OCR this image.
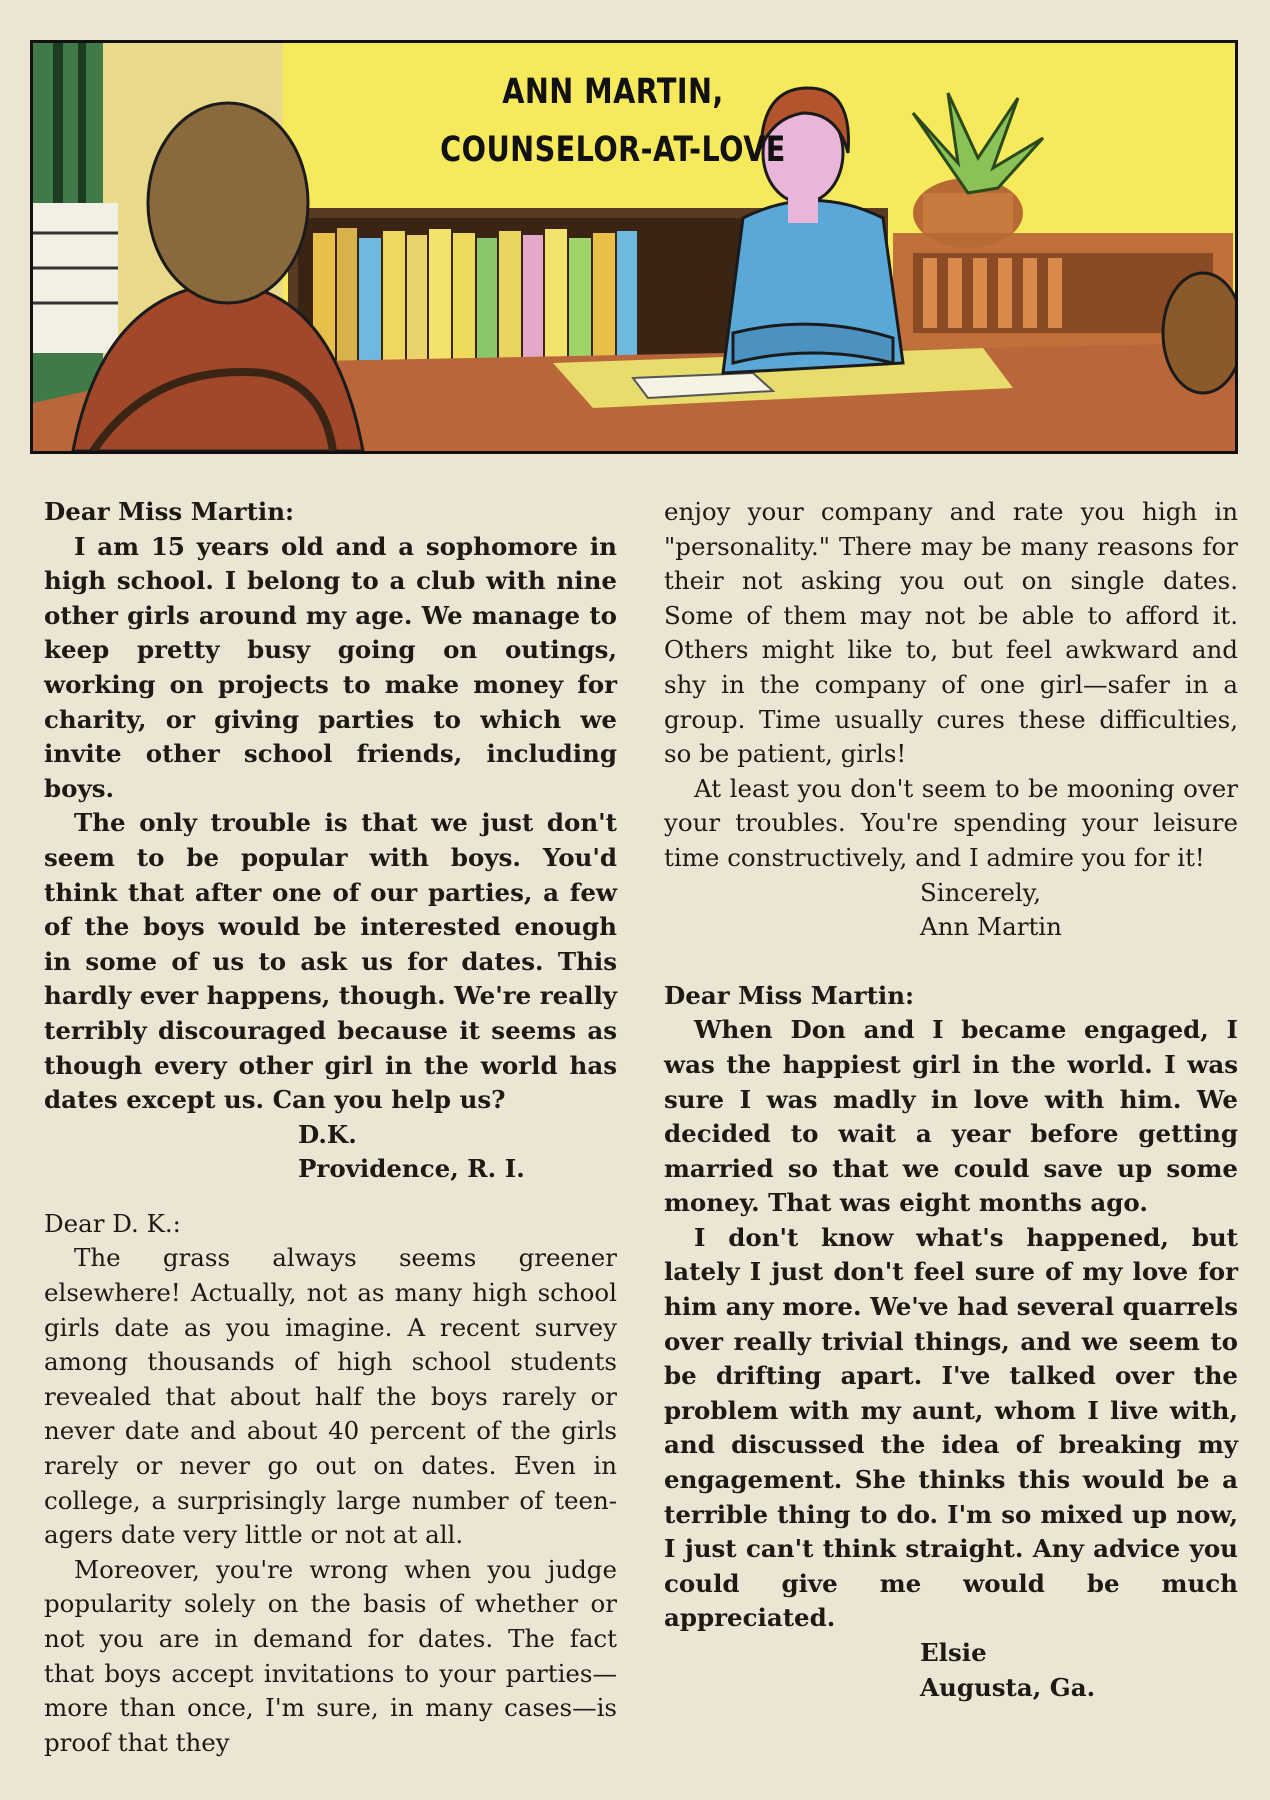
ANN MARTIN,
COUNSELOR-AT-LOVE
Dear Miss Martin:

I am 15 years old and a sophomore in high school. I belong to a club with nine other girls around my age. We manage to keep pretty busy going on outings, working on projects to make money for charity, or giving parties to which we invite other school friends, including boys.

The only trouble is that we just don't seem to be popular with boys. You'd think that after one of our parties, a few of the boys would be interested enough in some of us to ask us for dates. This hardly ever happens, though. We're really terribly discouraged because it seems as though every other girl in the world has dates except us. Can you help us?

D.K.
Providence, R. I.
Dear D. K.:

The grass always seems greener elsewhere! Actually, not as many high school girls date as you imagine. A recent survey among thousands of high school students revealed that about half the boys rarely or never date and about 40 percent of the girls rarely or never go out on dates. Even in college, a surprisingly large number of teen-agers date very little or not at all.

Moreover, you're wrong when you judge popularity solely on the basis of whether or not you are in demand for dates. The fact that boys accept invitations to your parties—more than once, I'm sure, in many cases—is proof that they

enjoy your company and rate you high in "personality." There may be many reasons for their not asking you out on single dates. Some of them may not be able to afford it. Others might like to, but feel awkward and shy in the company of one girl—safer in a group. Time usually cures these difficulties, so be patient, girls!

At least you don't seem to be mooning over your troubles. You're spending your leisure time constructively, and I admire you for it!

Sincerely,
Ann Martin
Dear Miss Martin:

When Don and I became engaged, I was the happiest girl in the world. I was sure I was madly in love with him. We decided to wait a year before getting married so that we could save up some money. That was eight months ago.

I don't know what's happened, but lately I just don't feel sure of my love for him any more. We've had several quarrels over really trivial things, and we seem to be drifting apart. I've talked over the problem with my aunt, whom I live with, and discussed the idea of breaking my engagement. She thinks this would be a terrible thing to do. I'm so mixed up now, I just can't think straight. Any advice you could give me would be much appreciated.

Elsie
Augusta, Ga.
